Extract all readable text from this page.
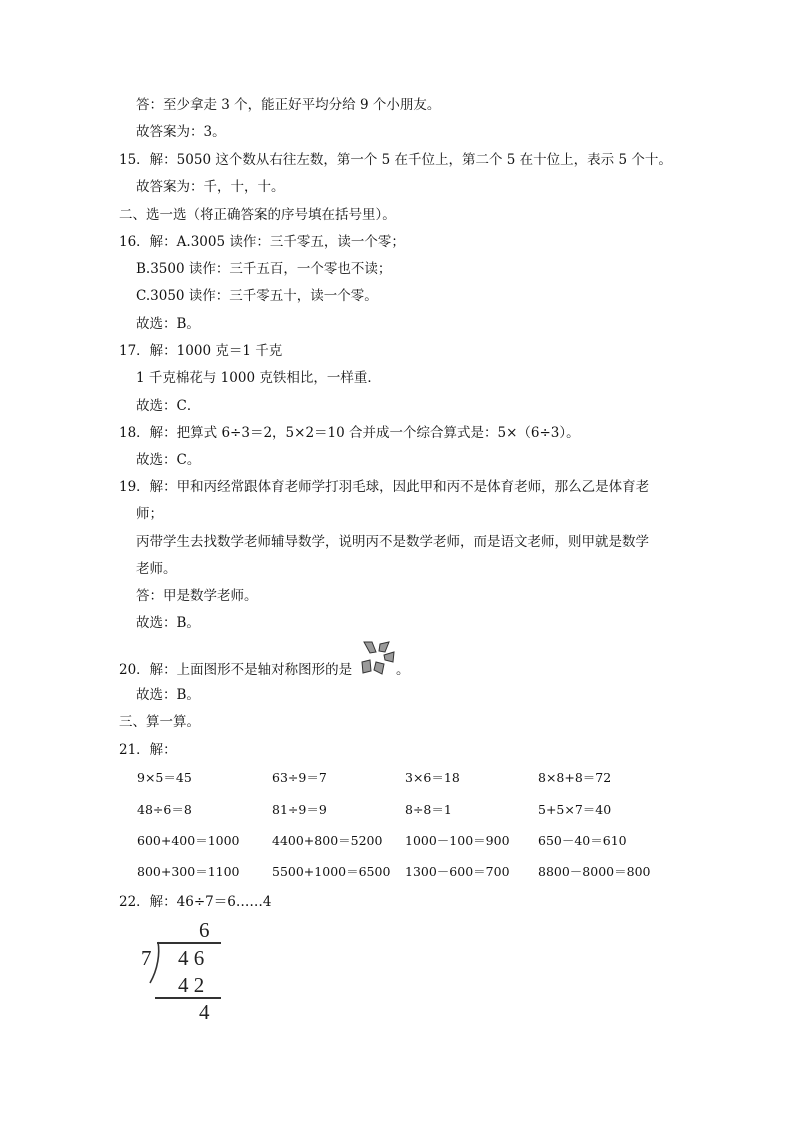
答：至少拿走 3 个，能正好平均分给 9 个小朋友。
故答案为：3。
15．解：5050 这个数从右往左数，第一个 5 在千位上，第二个 5 在十位上，表示 5 个十。
故答案为：千，十，十。
二、选一选（将正确答案的序号填在括号里）。
16．解：A.3005 读作：三千零五，读一个零；
B.3500 读作：三千五百，一个零也不读；
C.3050 读作：三千零五十，读一个零。
故选：B。
17．解：1000 克＝1 千克
1 千克棉花与 1000 克铁相比，一样重．
故选：C．
18．解：把算式 6÷3＝2，5×2＝10 合并成一个综合算式是：5×（6÷3）。
故选：C。
19．解：甲和丙经常跟体育老师学打羽毛球，因此甲和丙不是体育老师，那么乙是体育老
师；
丙带学生去找数学老师辅导数学，说明丙不是数学老师，而是语文老师，则甲就是数学
老师。
答：甲是数学老师。
故选：B。
20．解：上面图形不是轴对称图形的是	。
故选：B。
三、算一算。
21．解：
9×5＝45	63÷9＝7	3×6＝18	8×8+8＝72
48÷6＝8	81÷9＝9	8÷8＝1	5+5×7＝40
600+400＝1000	4400+800＝5200 1000－100＝900 650－40＝610
800+300＝1100	5500+1000＝6500 1300－600＝700 8800－8000＝800
22．解：46÷7＝6……4
6
7 4 6
4 2
4
